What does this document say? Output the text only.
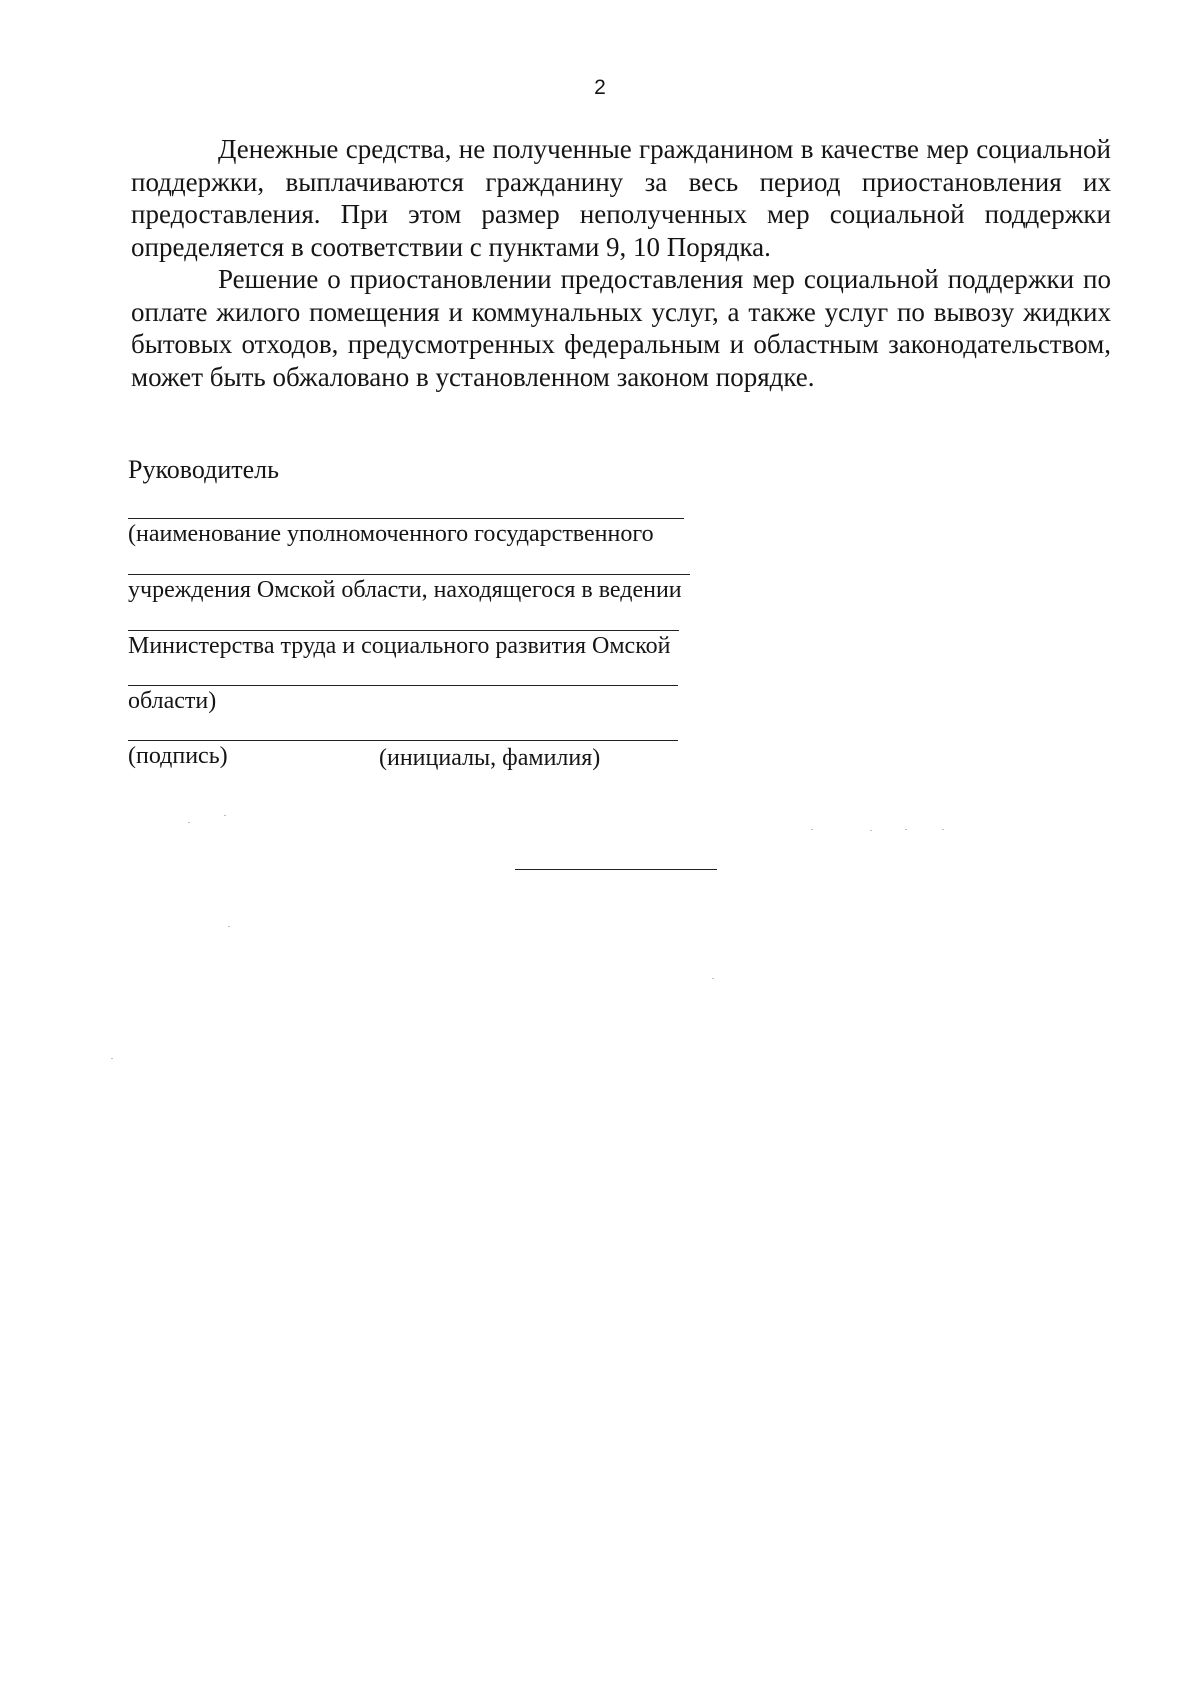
2

Денежные средства, не полученные гражданином в качестве мер социальной поддержки, выплачиваются гражданину за весь период приостановления их предоставления. При этом размер неполученных мер социальной поддержки определяется в соответствии с пунктами 9, 10 Порядка.

Решение о приостановлении предоставления мер социальной поддержки по оплате жилого помещения и коммунальных услуг, а также услуг по вывозу жидких бытовых отходов, предусмотренных федеральным и областным законодательством, может быть обжаловано в установленном законом порядке.

Руководитель

(наименование уполномоченного государственного
учреждения Омской области, находящегося в ведении
Министерства труда и социального развития Омской
области)
(подпись)	(инициалы, фамилия)
